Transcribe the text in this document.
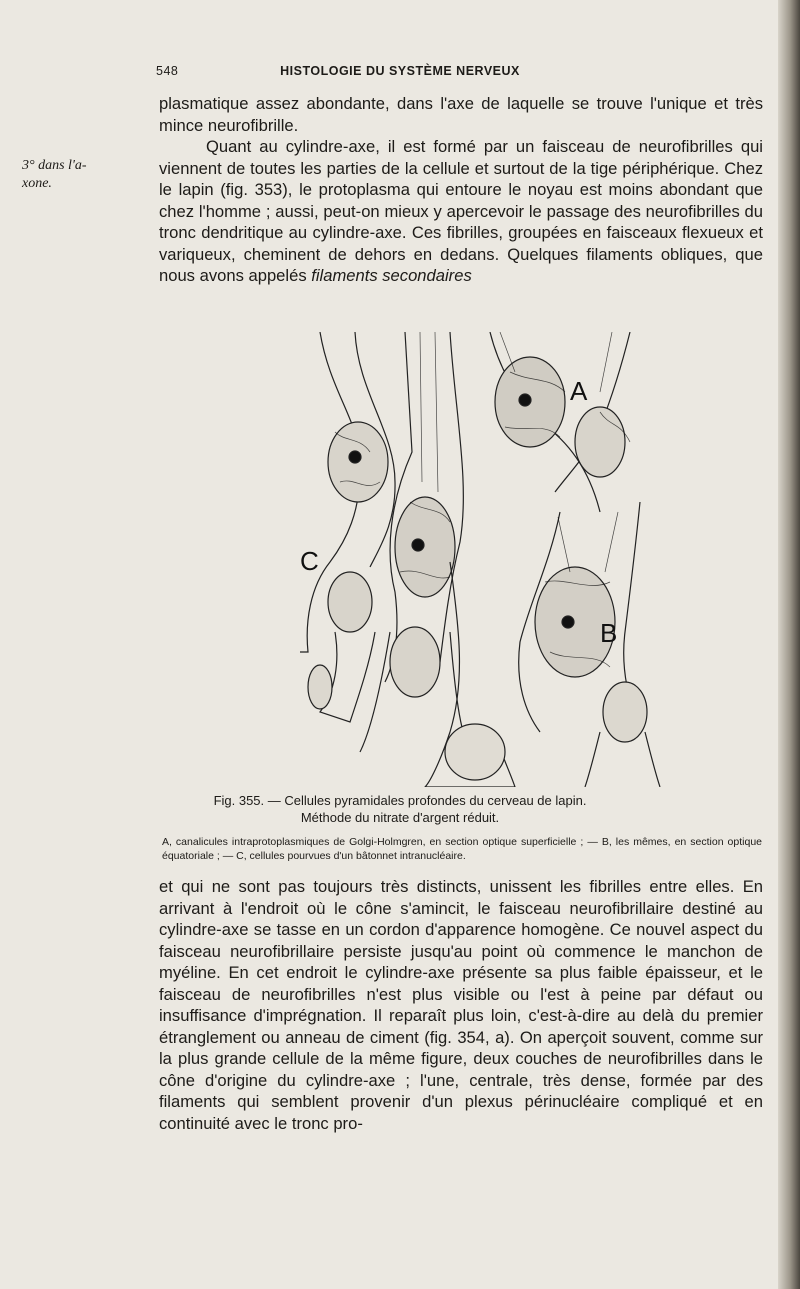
548	HISTOLOGIE DU SYSTÈME NERVEUX
3° dans l'a-
xone.

plasmatique assez abondante, dans l'axe de laquelle se trouve l'unique et très mince neurofibrille.

Quant au cylindre-axe, il est formé par un faisceau de neurofibrilles qui viennent de toutes les parties de la cellule et surtout de la tige périphérique. Chez le lapin (fig. 353), le protoplasma qui entoure le noyau est moins abondant que chez l'homme ; aussi, peut-on mieux y apercevoir le passage des neurofibrilles du tronc dendritique au cylindre-axe. Ces fibrilles, groupées en faisceaux flexueux et variqueux, cheminent de dehors en dedans. Quelques filaments obliques, que nous avons appelés filaments secondaires

A
B
C
Fig. 355. — Cellules pyramidales profondes du cerveau de lapin.
Méthode du nitrate d'argent réduit.
A, canalicules intraprotoplasmiques de Golgi-Holmgren, en section optique superficielle ; — B, les mêmes, en section optique équatoriale ; — C, cellules pourvues d'un bâtonnet intranucléaire.

et qui ne sont pas toujours très distincts, unissent les fibrilles entre elles. En arrivant à l'endroit où le cône s'amincit, le faisceau neurofibrillaire destiné au cylindre-axe se tasse en un cordon d'apparence homogène. Ce nouvel aspect du faisceau neurofibrillaire persiste jusqu'au point où commence le manchon de myéline. En cet endroit le cylindre-axe présente sa plus faible épaisseur, et le faisceau de neurofibrilles n'est plus visible ou l'est à peine par défaut ou insuffisance d'imprégnation. Il reparaît plus loin, c'est-à-dire au delà du premier étranglement ou anneau de ciment (fig. 354, a). On aperçoit souvent, comme sur la plus grande cellule de la même figure, deux couches de neurofibrilles dans le cône d'origine du cylindre-axe ; l'une, centrale, très dense, formée par des filaments qui semblent provenir d'un plexus périnucléaire compliqué et en continuité avec le tronc pro-
